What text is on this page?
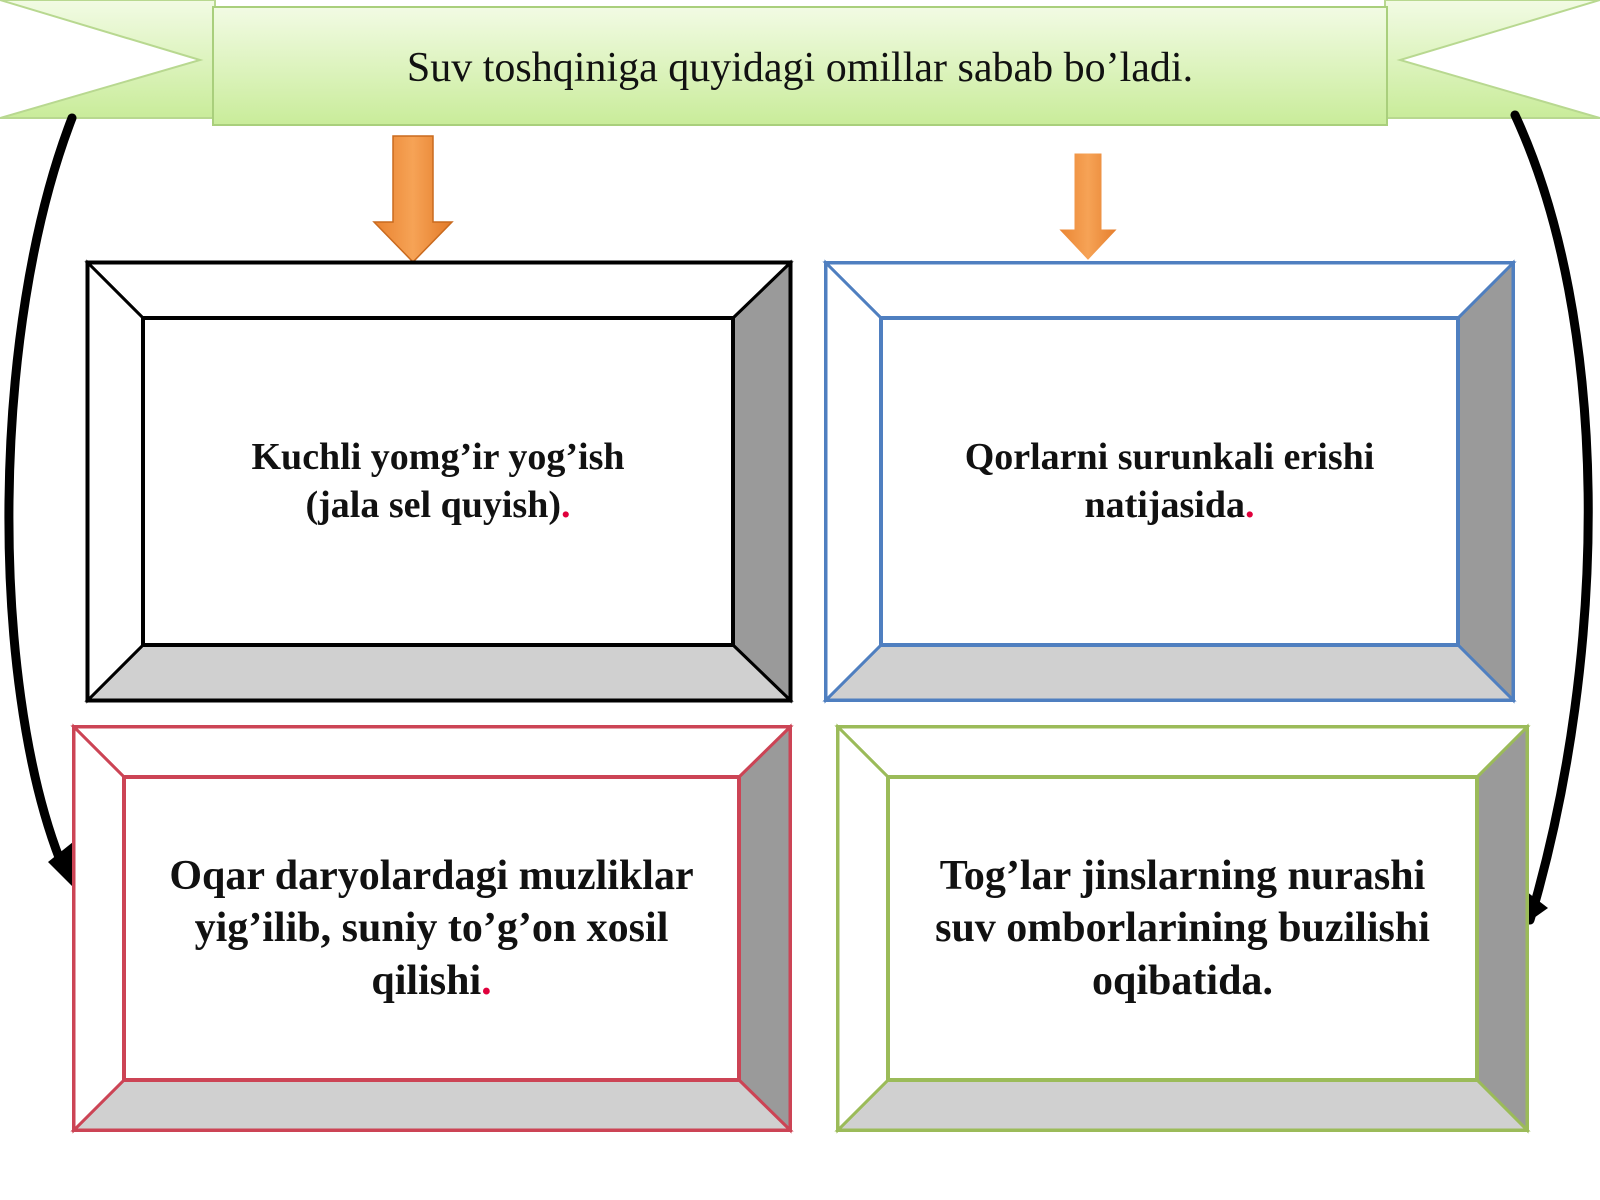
Suv toshqiniga quyidagi omillar sabab bo’ladi.
Kuchli yomg’ir yog’ish
(jala sel quyish).
Qorlarni surunkali erishi
natijasida.
Oqar daryolardagi muzliklar
yig’ilib, suniy to’g’on xosil
qilishi.
Tog’lar jinslarning nurashi
suv omborlarining buzilishi
oqibatida.
